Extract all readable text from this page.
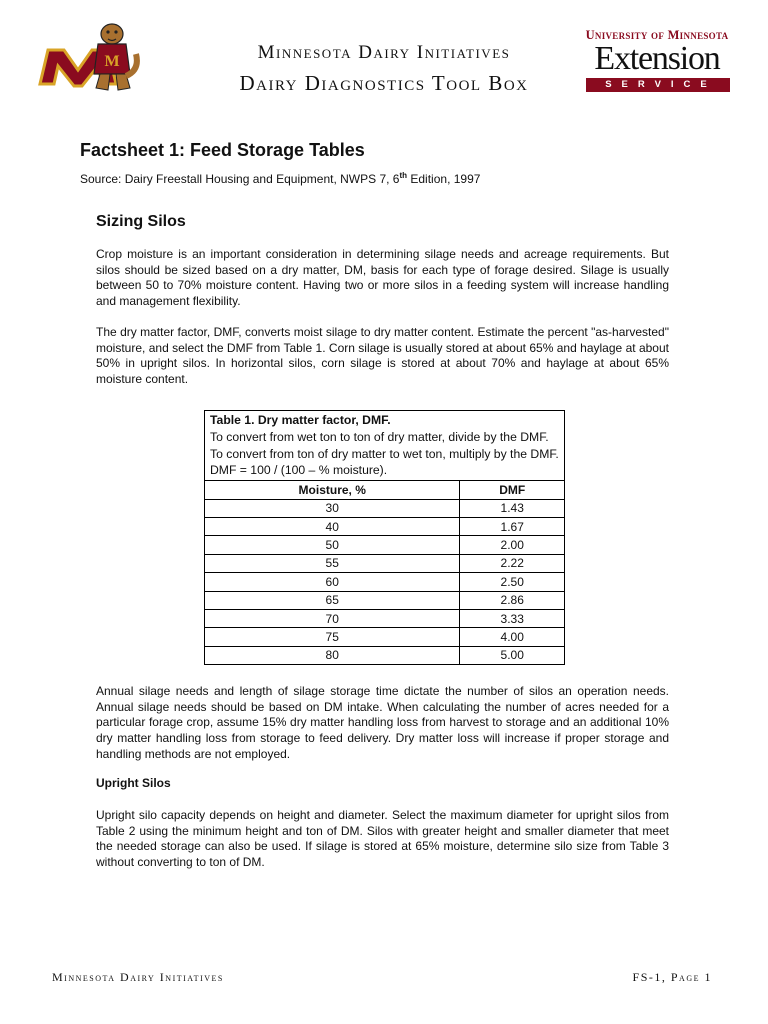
M	Minnesota Dairy Initiatives
Dairy Diagnostics Tool Box
University of Minnesota
Extension
SERVICE
Factsheet 1: Feed Storage Tables
Source: Dairy Freestall Housing and Equipment, NWPS 7, 6th Edition, 1997
Sizing Silos
Crop moisture is an important consideration in determining silage needs and acreage requirements. But silos should be sized based on a dry matter, DM, basis for each type of forage desired. Silage is usually between 50 to 70% moisture content. Having two or more silos in a feeding system will increase handling and management flexibility.
The dry matter factor, DMF, converts moist silage to dry matter content. Estimate the percent "as-harvested" moisture, and select the DMF from Table 1. Corn silage is usually stored at about 65% and haylage at about 50% in upright silos. In horizontal silos, corn silage is stored at about 70% and haylage at about 65% moisture content.
Table 1. Dry matter factor, DMF.
To convert from wet ton to ton of dry matter, divide by the DMF. To convert from ton of dry matter to wet ton, multiply by the DMF. DMF = 100 / (100 – % moisture).	
Moisture, %	DMF
30	1.43
40	1.67
50	2.00
55	2.22
60	2.50
65	2.86
70	3.33
75	4.00
80	5.00
Annual silage needs and length of silage storage time dictate the number of silos an operation needs. Annual silage needs should be based on DM intake. When calculating the number of acres needed for a particular forage crop, assume 15% dry matter handling loss from harvest to storage and an additional 10% dry matter handling loss from storage to feed delivery. Dry matter loss will increase if proper storage and handling methods are not employed.
Upright Silos
Upright silo capacity depends on height and diameter. Select the maximum diameter for upright silos from Table 2 using the minimum height and ton of DM. Silos with greater height and smaller diameter that meet the needed storage can also be used. If silage is stored at 65% moisture, determine silo size from Table 3 without converting to ton of DM.
Minnesota Dairy Initiatives	FS-1, Page 1
